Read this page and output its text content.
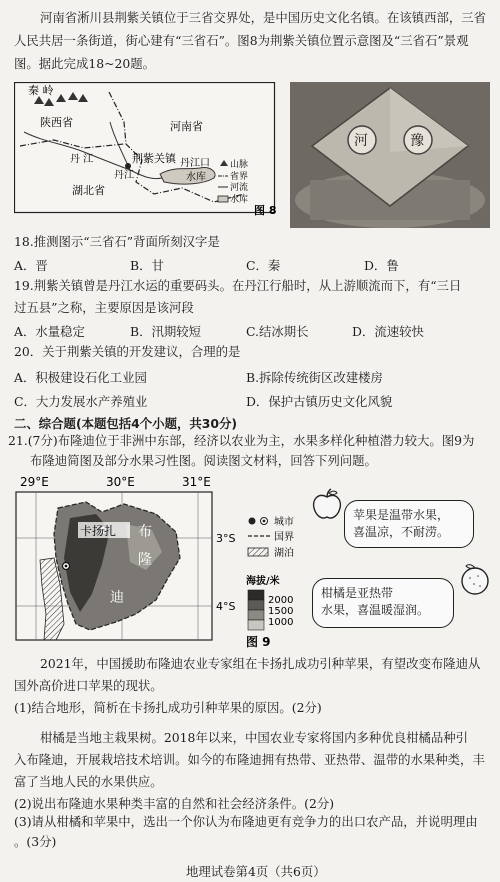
河南省淅川县荆紫关镇位于三省交界处，是中国历史文化名镇。在该镇西部，三省
人民共居一条街道，街心建有“三省石”。图8为荆紫关镇位置示意图及“三省石”景观
图。据此完成18~20题。
秦 岭
陕西省	河南省
湖北省
荆紫关镇
丹江
丹江口
水库
丹 江	山脉
省界
河流
水库
图 8
河	豫
18.推测图示“三省石”背面所刻汉字是
A．晋	B．甘	C．秦	D．鲁
19.荆紫关镇曾是丹江水运的重要码头。在丹江行船时，从上游顺流而下，有“三日
过五县”之称，主要原因是该河段
A．水量稳定	B．汛期较短	C.结冰期长	D．流速较快
20．关于荆紫关镇的开发建议，合理的是
A．积极建设石化工业园	B.拆除传统街区改建楼房
C．大力发展水产养殖业	D．保护古镇历史文化风貌
二、综合题(本题包括4个小题，共30分)
21.(7分)布隆迪位于非洲中东部，经济以农业为主，水果多样化种植潜力较大。图9为
布隆迪简图及部分水果习性图。阅读图文材料，回答下列问题。
29°E	30°E	31°E
卡扬扎 布
隆
迪
3°S
4°S
城市
国界
湖泊
海拔/米
2000
1500
1000
图 9
苹果是温带水果，
喜温凉，不耐涝。
柑橘是亚热带
水果，喜温暖湿润。
2021年，中国援助布隆迪农业专家组在卡扬扎成功引种苹果，有望改变布隆迪从
国外高价进口苹果的现状。
(1)结合地形，简析在卡扬扎成功引种苹果的原因。(2分)
柑橘是当地主栽果树。2018年以来，中国农业专家将国内多种优良柑橘品种引
入布隆迪，开展栽培技术培训。如今的布隆迪拥有热带、亚热带、温带的水果种类，丰
富了当地人民的水果供应。
(2)说出布隆迪水果种类丰富的自然和社会经济条件。(2分)
(3)请从柑橘和苹果中，选出一个你认为布隆迪更有竞争力的出口农产品，并说明理由
。(3分)
地理试卷第4页（共6页）
